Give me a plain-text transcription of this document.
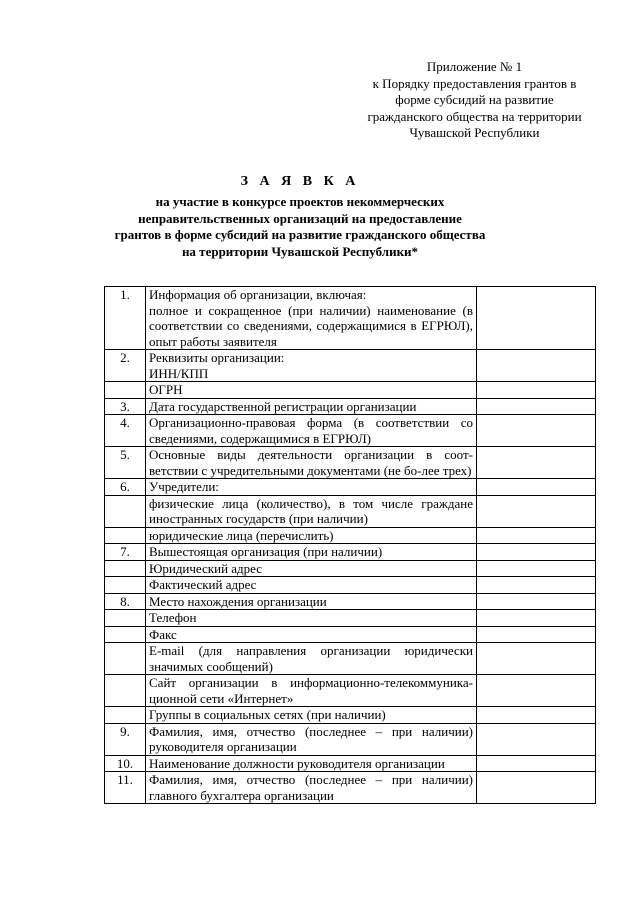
Приложение № 1
к Порядку предоставления грантов в
форме субсидий на развитие
гражданского общества на территории
Чувашской Республики
З А Я В К А
на участие в конкурсе проектов некоммерческих
неправительственных организаций на предоставление
грантов в форме субсидий на развитие гражданского общества
на территории Чувашской Республики*
1.	Информация об организации, включая:
полное и сокращенное (при наличии) наименование (в соответствии со сведениями, содержащимися в ЕГРЮЛ), опыт работы заявителя	

2.	Реквизиты организации:
ИНН/КПП	

	ОГРН	

3.	Дата государственной регистрации организации	

4.	Организационно-правовая форма (в соответствии со сведениями, содержащимися в ЕГРЮЛ)	

5.	Основные виды деятельности организации в соот-ветствии с учредительными документами (не бо-лее трех)	

6.	Учредители:	

	физические лица (количество), в том числе граждане иностранных государств (при наличии)	

	юридические лица (перечислить)	

7.	Вышестоящая организация (при наличии)	

	Юридический адрес	

	Фактический адрес	

8.	Место нахождения организации	

	Телефон	

	Факс	

	E-mail (для направления организации юридически значимых сообщений)	

	Сайт организации в информационно-телекоммуника-ционной сети «Интернет»	

	Группы в социальных сетях (при наличии)	

9.	Фамилия, имя, отчество (последнее – при наличии) руководителя организации	

10.	Наименование должности руководителя организации	

11.	Фамилия, имя, отчество (последнее – при наличии) главного бухгалтера организации	
